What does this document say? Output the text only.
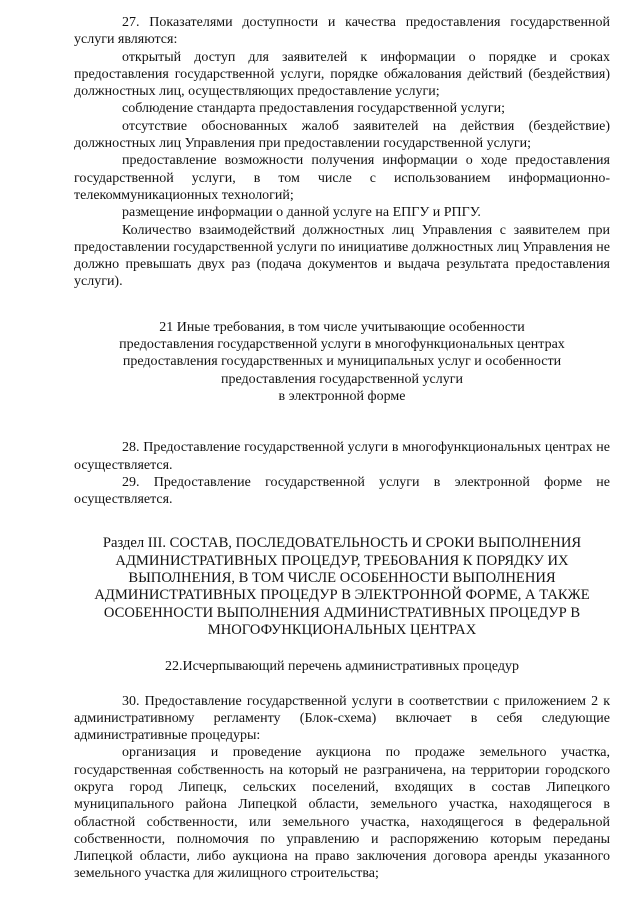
27. Показателями доступности и качества предоставления государственной услуги являются:

открытый доступ для заявителей к информации о порядке и сроках предоставления государственной услуги, порядке обжалования действий (бездействия) должностных лиц, осуществляющих предоставление услуги;

соблюдение стандарта предоставления государственной услуги;

отсутствие обоснованных жалоб заявителей на действия (бездействие) должностных лиц Управления при предоставлении государственной услуги;

предоставление возможности получения информации о ходе предоставления государственной услуги, в том числе с использованием информационно-телекоммуникационных технологий;

размещение информации о данной услуге на ЕПГУ и РПГУ.

Количество взаимодействий должностных лиц Управления с заявителем при предоставлении государственной услуги по инициативе должностных лиц Управления не должно превышать двух раз (подача документов и выдача результата предоставления услуги).

21 Иные требования, в том числе учитывающие особенности

предоставления государственной услуги в многофункциональных центрах

предоставления государственных и муниципальных услуг и особенности

предоставления государственной услуги

в электронной форме

28. Предоставление государственной услуги в многофункциональных центрах не осуществляется.

29. Предоставление государственной услуги в электронной форме не осуществляется.

Раздел III. СОСТАВ, ПОСЛЕДОВАТЕЛЬНОСТЬ И СРОКИ ВЫПОЛНЕНИЯ

АДМИНИСТРАТИВНЫХ ПРОЦЕДУР, ТРЕБОВАНИЯ К ПОРЯДКУ ИХ

ВЫПОЛНЕНИЯ, В ТОМ ЧИСЛЕ ОСОБЕННОСТИ ВЫПОЛНЕНИЯ

АДМИНИСТРАТИВНЫХ ПРОЦЕДУР В ЭЛЕКТРОННОЙ ФОРМЕ, А ТАКЖЕ

ОСОБЕННОСТИ ВЫПОЛНЕНИЯ АДМИНИСТРАТИВНЫХ ПРОЦЕДУР В

МНОГОФУНКЦИОНАЛЬНЫХ ЦЕНТРАХ

22.Исчерпывающий перечень административных процедур

30. Предоставление государственной услуги в соответствии с приложением 2 к административному регламенту (Блок-схема) включает в себя следующие административные процедуры:

организация и проведение аукциона по продаже земельного участка, государственная собственность на который не разграничена, на территории городского округа город Липецк, сельских поселений, входящих в состав Липецкого муниципального района Липецкой области, земельного участка, находящегося в областной собственности, или земельного участка, находящегося в федеральной собственности, полномочия по управлению и распоряжению которым переданы Липецкой области, либо аукциона на право заключения договора аренды указанного земельного участка для жилищного строительства;
